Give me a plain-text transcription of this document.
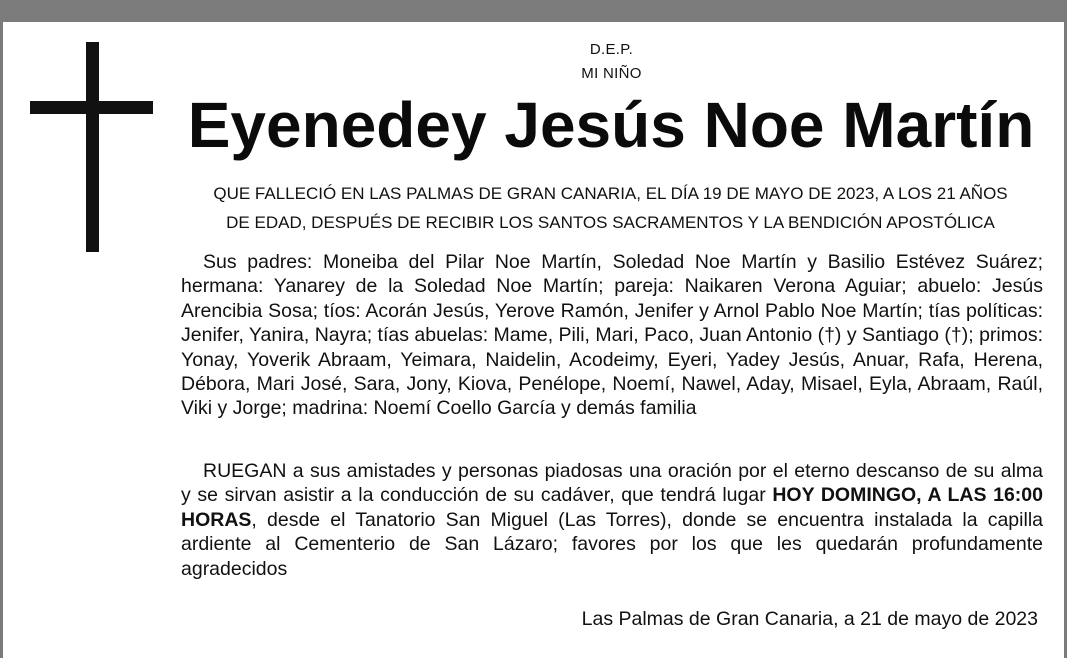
D.E.P.
MI NIÑO
Eyenedey Jesús Noe Martín
QUE FALLECIÓ EN LAS PALMAS DE GRAN CANARIA, EL DÍA 19 DE MAYO DE 2023, A LOS 21 AÑOS
DE EDAD, DESPUÉS DE RECIBIR LOS SANTOS SACRAMENTOS Y LA BENDICIÓN APOSTÓLICA
Sus padres: Moneiba del Pilar Noe Martín, Soledad Noe Martín y Basilio Estévez Suárez; hermana: Yanarey de la Soledad Noe Martín; pareja: Naikaren Verona Aguiar; abuelo: Jesús Arencibia Sosa; tíos: Acorán Jesús, Yerove Ramón, Jenifer y Arnol Pablo Noe Martín; tías políticas: Jenifer, Yanira, Nayra; tías abuelas: Mame, Pili, Mari, Paco, Juan Antonio (†) y Santiago (†); primos: Yonay, Yoverik Abraam, Yeimara, Naidelin, Acodeimy, Eyeri, Yadey Jesús, Anuar, Rafa, Herena, Débora, Mari José, Sara, Jony, Kiova, Penélope, Noemí, Nawel, Aday, Misael, Eyla, Abraam, Raúl, Viki y Jorge; madrina: Noemí Coello García y demás familia
RUEGAN a sus amistades y personas piadosas una oración por el eterno descanso de su alma y se sirvan asistir a la conducción de su cadáver, que tendrá lugar HOY DOMINGO, A LAS 16:00 HORAS, desde el Tanatorio San Miguel (Las Torres), donde se encuentra instalada la capilla ardiente al Cementerio de San Lázaro; favores por los que les quedarán profundamente agradecidos
Las Palmas de Gran Canaria, a 21 de mayo de 2023
